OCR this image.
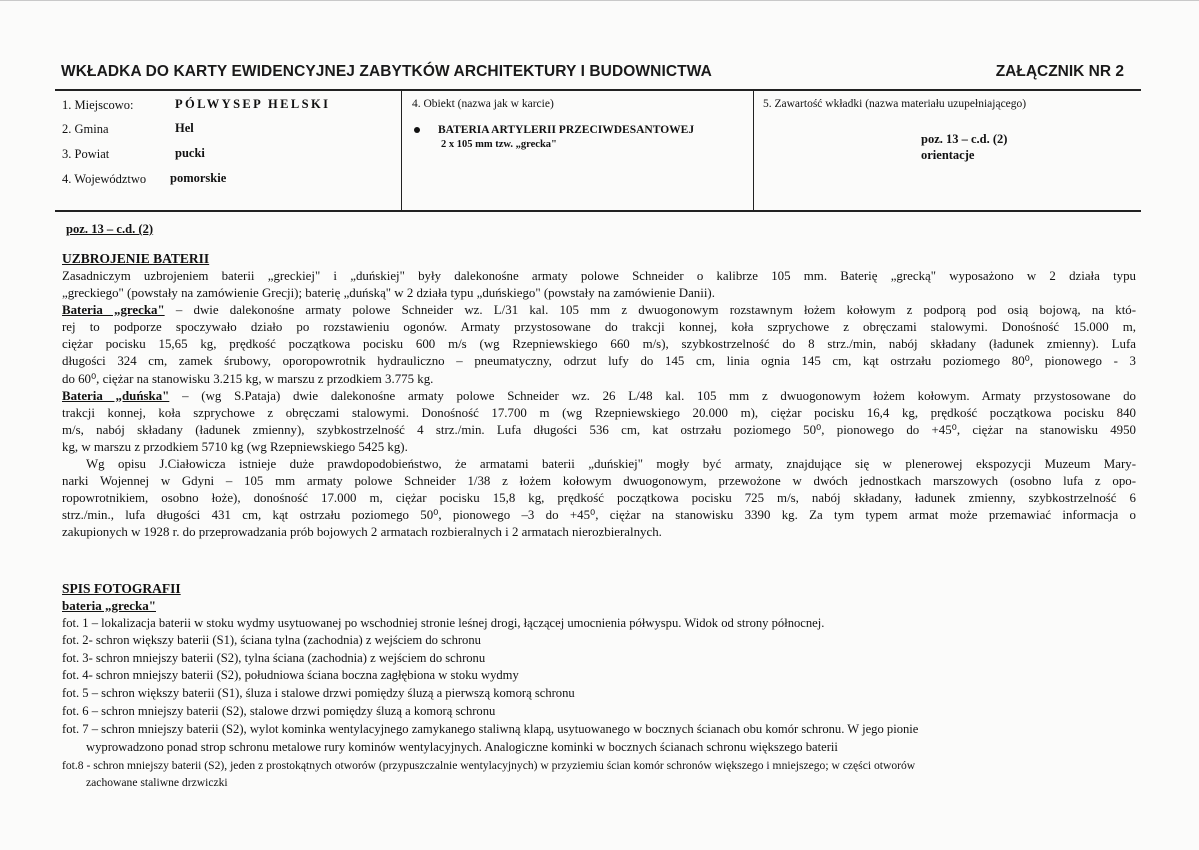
WKŁADKA DO KARTY EWIDENCYJNEJ ZABYTKÓW ARCHITEKTURY I BUDOWNICTWA	ZAŁĄCZNIK NR 2
1. Miejscowo:	PÓLWYSEP HELSKI
2. Gmina	Hel
3. Powiat	pucki
4. Województwo pomorskie
4. Obiekt (nazwa jak w karcie)
BATERIA ARTYLERII PRZECIWDESANTOWEJ
2 x 105 mm tzw. „grecka"
5. Zawartość wkładki (nazwa materiału uzupełniającego)
poz. 13 – c.d. (2)
orientacje
poz. 13 – c.d. (2)
UZBROJENIE BATERII
Zasadniczym uzbrojeniem baterii „greckiej" i „duńskiej" były dalekonośne armaty polowe Schneider o kalibrze 105 mm. Baterię „grecką" wyposażono w 2 działa typu
„greckiego" (powstały na zamówienie Grecji); baterię „duńską" w 2 działa typu „duńskiego" (powstały na zamówienie Danii).
Bateria „grecka" – dwie dalekonośne armaty polowe Schneider wz. L/31 kal. 105 mm z dwuogonowym rozstawnym łożem kołowym z podporą pod osią bojową, na któ-
rej to podporze spoczywało działo po rozstawieniu ogonów. Armaty przystosowane do trakcji konnej, koła szprychowe z obręczami stalowymi. Donośność 15.000 m,
ciężar pocisku 15,65 kg, prędkość początkowa pocisku 600 m/s (wg Rzepniewskiego 660 m/s), szybkostrzelność do 8 strz./min, nabój składany (ładunek zmienny). Lufa
długości 324 cm, zamek śrubowy, oporopowrotnik hydrauliczno – pneumatyczny, odrzut lufy do 145 cm, linia ognia 145 cm, kąt ostrzału poziomego 80⁰, pionowego - 3
do 60⁰, ciężar na stanowisku 3.215 kg, w marszu z przodkiem 3.775 kg.
Bateria „duńska" – (wg S.Pataja) dwie dalekonośne armaty polowe Schneider wz. 26 L/48 kal. 105 mm z dwuogonowym łożem kołowym. Armaty przystosowane do
trakcji konnej, koła szprychowe z obręczami stalowymi. Donośność 17.700 m (wg Rzepniewskiego 20.000 m), ciężar pocisku 16,4 kg, prędkość początkowa pocisku 840
m/s, nabój składany (ładunek zmienny), szybkostrzelność 4 strz./min. Lufa długości 536 cm, kat ostrzału poziomego 50⁰, pionowego do +45⁰, ciężar na stanowisku 4950
kg, w marszu z przodkiem 5710 kg (wg Rzepniewskiego 5425 kg).
Wg opisu J.Ciałowicza istnieje duże prawdopodobieństwo, że armatami baterii „duńskiej" mogły być armaty, znajdujące się w plenerowej ekspozycji Muzeum Mary-
narki Wojennej w Gdyni – 105 mm armaty polowe Schneider 1/38 z łożem kołowym dwuogonowym, przewożone w dwóch jednostkach marszowych (osobno lufa z opo-
ropowrotnikiem, osobno łoże), donośność 17.000 m, ciężar pocisku 15,8 kg, prędkość początkowa pocisku 725 m/s, nabój składany, ładunek zmienny, szybkostrzelność 6
strz./min., lufa długości 431 cm, kąt ostrzału poziomego 50⁰, pionowego –3 do +45⁰, ciężar na stanowisku 3390 kg. Za tym typem armat może przemawiać informacja o
zakupionych w 1928 r. do przeprowadzania prób bojowych 2 armatach rozbieralnych i 2 armatach nierozbieralnych.
SPIS FOTOGRAFII
bateria „grecka"
fot. 1 – lokalizacja baterii w stoku wydmy usytuowanej po wschodniej stronie leśnej drogi, łączącej umocnienia półwyspu. Widok od strony północnej.
fot. 2- schron większy baterii (S1), ściana tylna (zachodnia) z wejściem do schronu
fot. 3- schron mniejszy baterii (S2), tylna ściana (zachodnia) z wejściem do schronu
fot. 4- schron mniejszy baterii (S2), południowa ściana boczna zagłębiona w stoku wydmy
fot. 5 – schron większy baterii (S1), śluza i stalowe drzwi pomiędzy śluzą a pierwszą komorą schronu
fot. 6 – schron mniejszy baterii (S2), stalowe drzwi pomiędzy śluzą a komorą schronu
fot. 7 – schron mniejszy baterii (S2), wylot kominka wentylacyjnego zamykanego staliwną klapą, usytuowanego w bocznych ścianach obu komór schronu. W jego pionie
wyprowadzono ponad strop schronu metalowe rury kominów wentylacyjnych. Analogiczne kominki w bocznych ścianach schronu większego baterii
fot.8 - schron mniejszy baterii (S2), jeden z prostokątnych otworów (przypuszczalnie wentylacyjnych) w przyziemiu ścian komór schronów większego i mniejszego; w części otworów
zachowane staliwne drzwiczki
